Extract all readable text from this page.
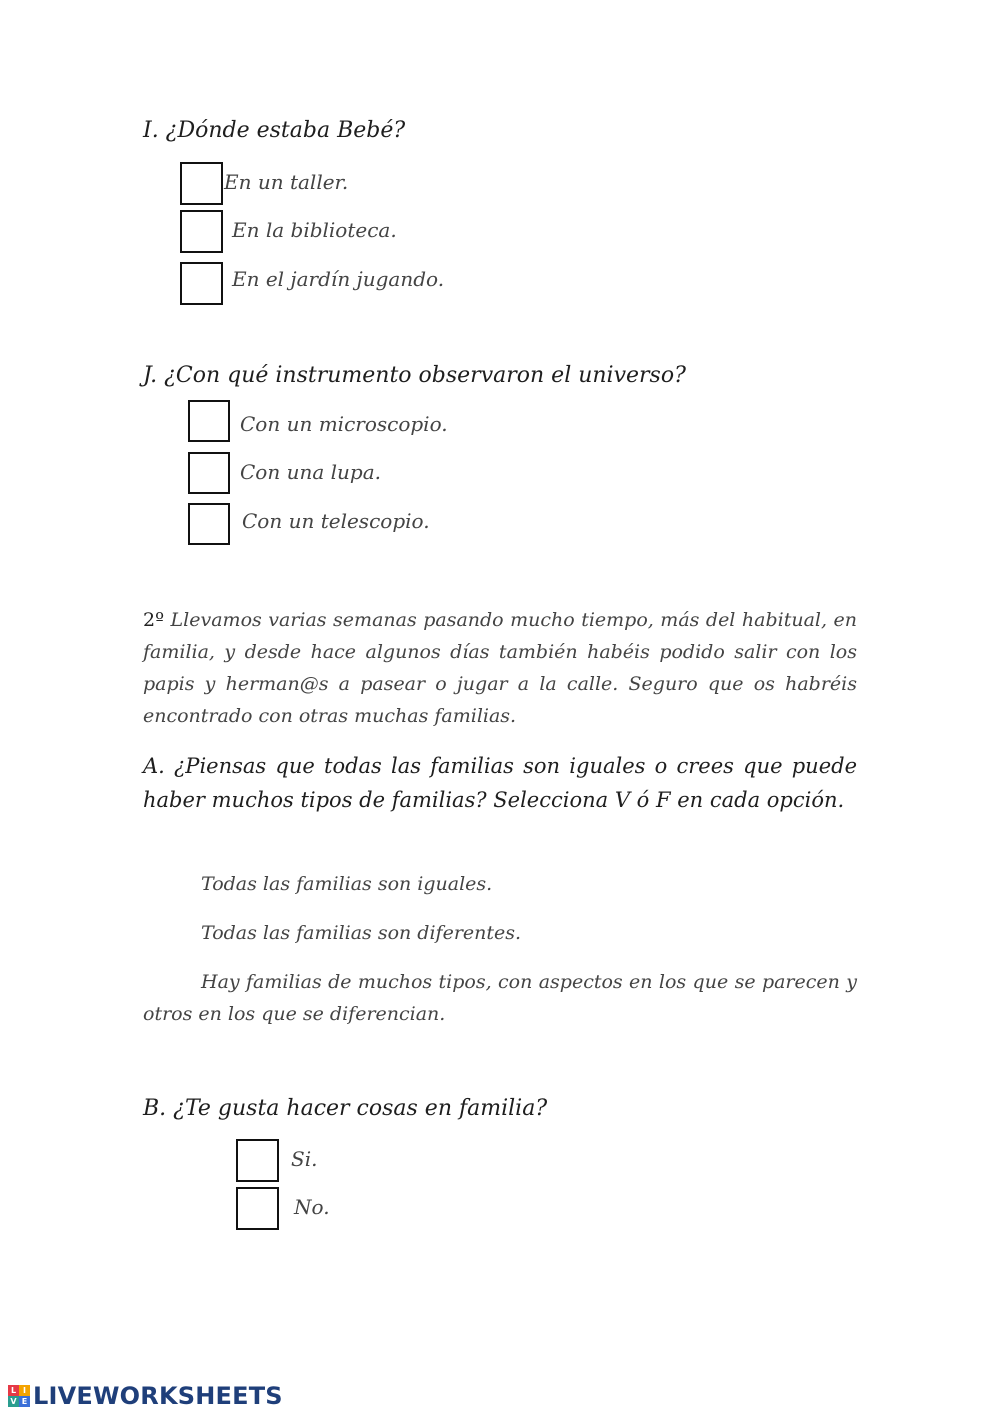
I. ¿Dónde estaba Bebé?
En un taller.
En la biblioteca.
En el jardín jugando.
J. ¿Con qué instrumento observaron el universo?
Con un microscopio.
Con una lupa.
Con un telescopio.
2º Llevamos varias semanas pasando mucho tiempo, más del habitual, en familia, y desde hace algunos días también habéis podido salir con los papis y herman@s a pasear o jugar a la calle. Seguro que os habréis encontrado con otras muchas familias.
A. ¿Piensas que todas las familias son iguales o crees que puede haber muchos tipos de familias? Selecciona V ó F en cada opción.
Todas las familias son iguales.
Todas las familias son diferentes.
Hay familias de muchos tipos, con aspectos en los que se parecen y otros en los que se diferencian.
B. ¿Te gusta hacer cosas en familia?
Si.
No.
L I
V E LIVEWORKSHEETS
